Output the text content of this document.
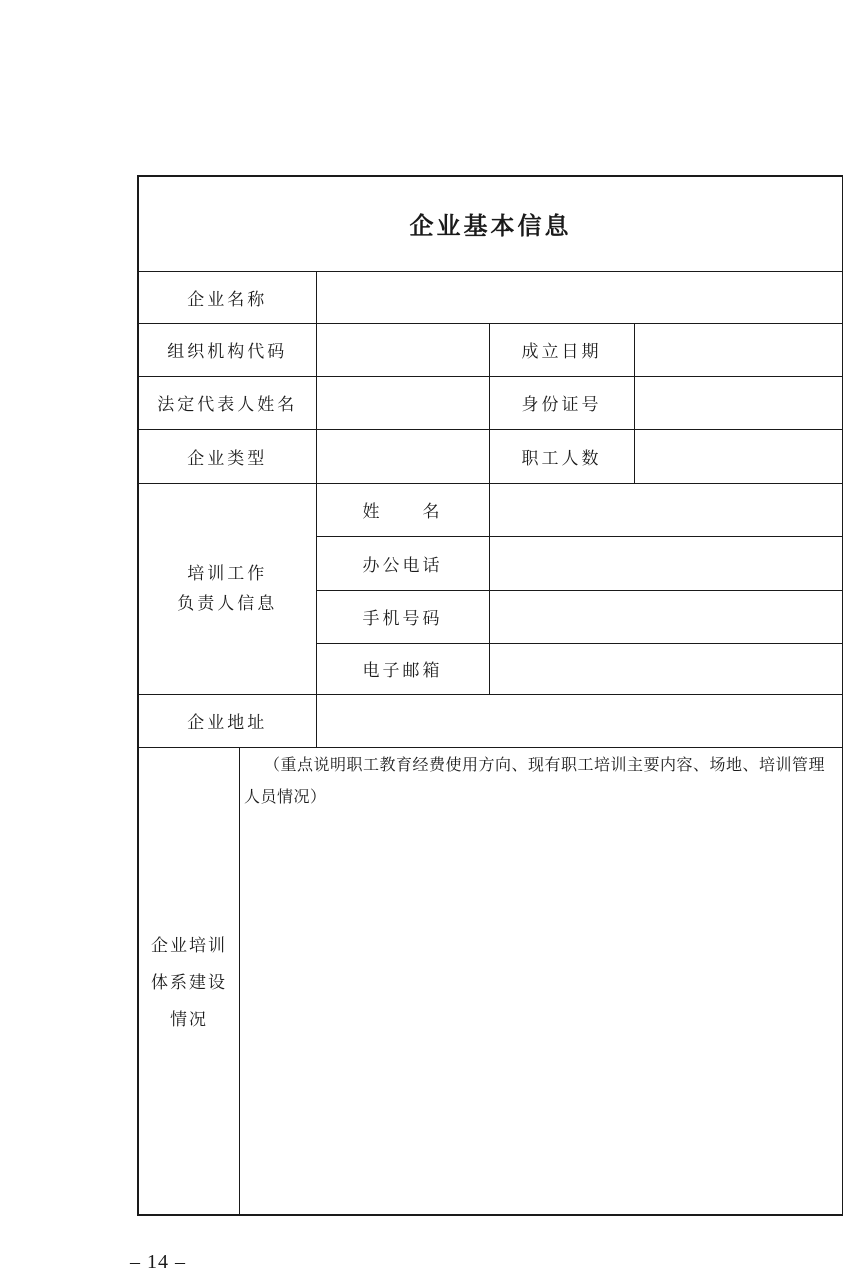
企业基本信息			
企业名称			
组织机构代码		成立日期	
法定代表人姓名		身份证号	
企业类型		职工人数	

培训工作
负责人信息	姓　　名		
	办公电话		
	手机号码		
	电子邮箱		
企业地址			

企业培训
体系建设
情况

（重点说明职工教育经费使用方向、现有职工培训主要内容、场地、培训管理人员情况）			

– 14 –
